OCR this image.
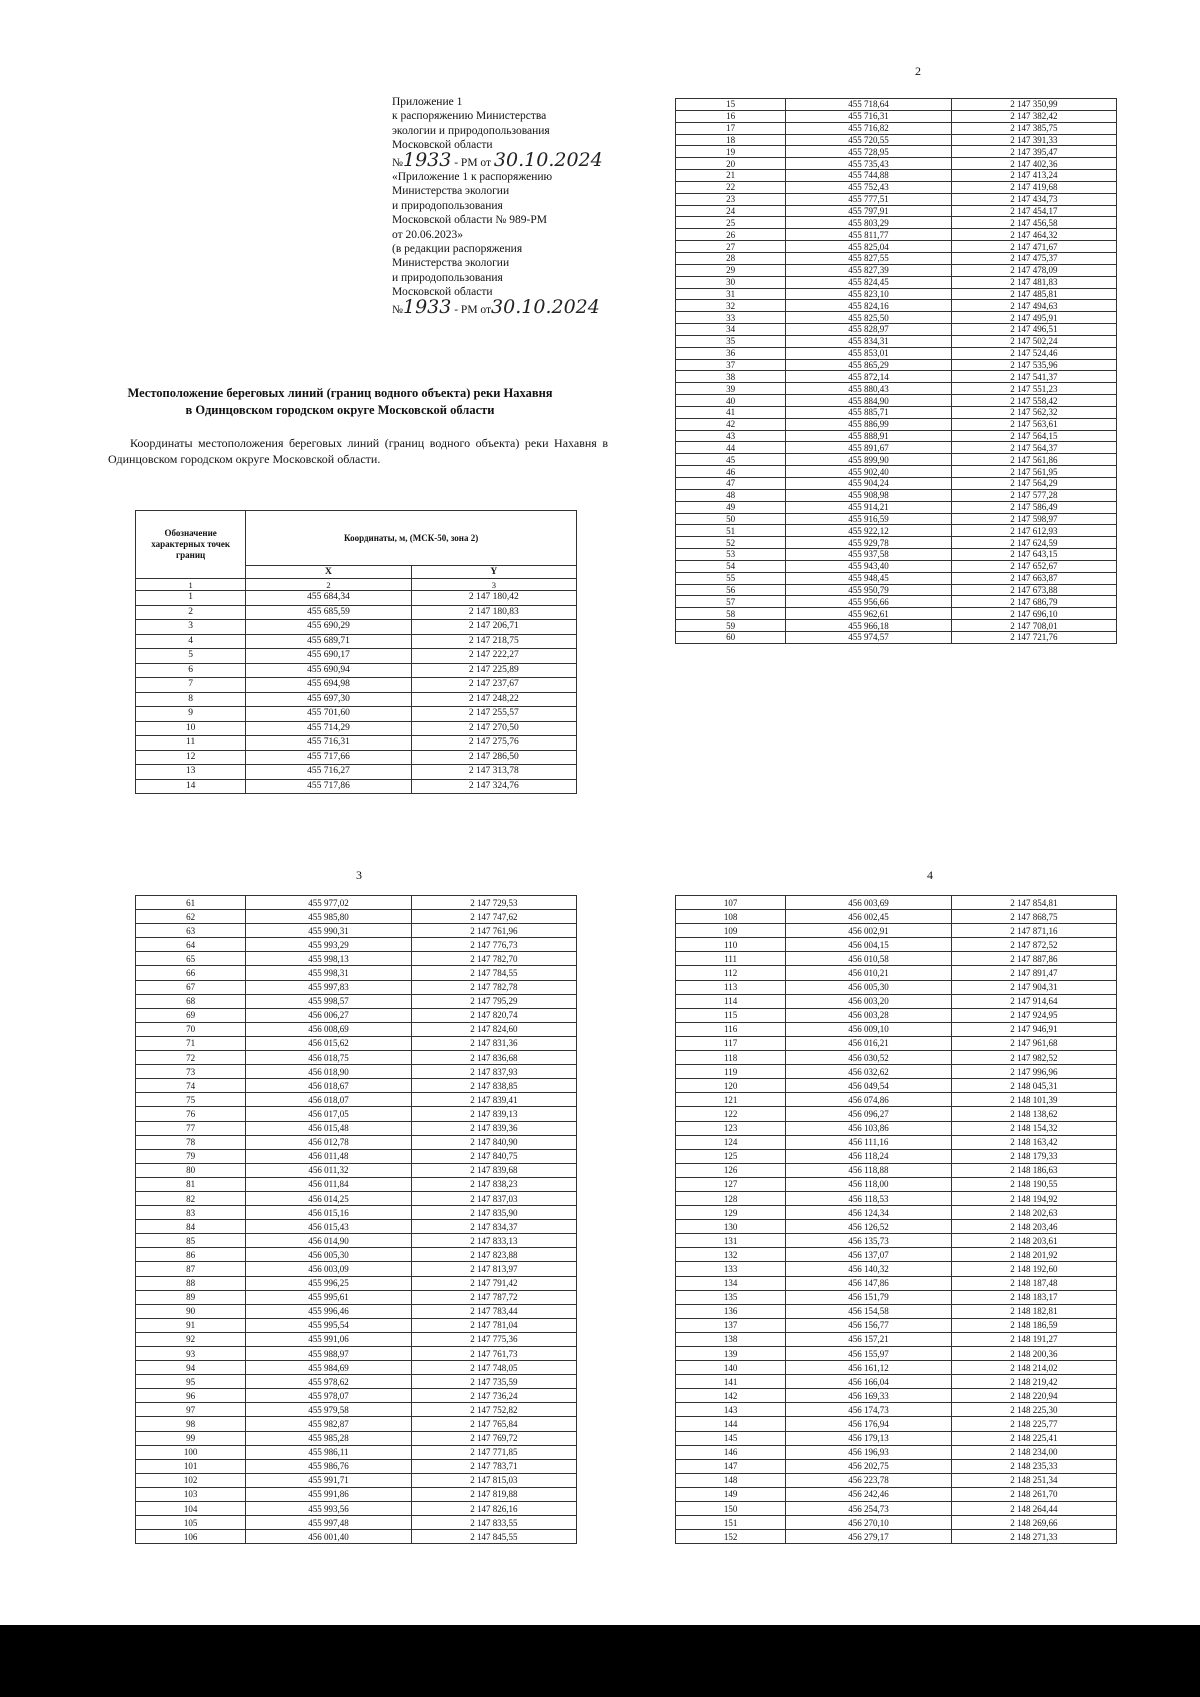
Приложение 1
к распоряжению Министерства
экологии и природопользования
Московской области
№1933 - РМ от 30.10.2024
«Приложение 1 к распоряжению
Министерства экологии
и природопользования
Московской области № 989-РМ
от 20.06.2023»
(в редакции распоряжения
Министерства экологии
и природопользования
Московской области
№1933 - РМ от30.10.2024
Местоположение береговых линий (границ водного объекта) реки Нахавня
в Одинцовском городском округе Московской области
Координаты местоположения береговых линий (границ водного объекта) реки Нахавня в Одинцовском городском округе Московской области.
Обозначение характерных точек границ	Координаты, м, (МСК-50, зона 2)	
	X	Y
1	2	3
1	455 684,34	2 147 180,42
2	455 685,59	2 147 180,83
3	455 690,29	2 147 206,71
4	455 689,71	2 147 218,75
5	455 690,17	2 147 222,27
6	455 690,94	2 147 225,89
7	455 694,98	2 147 237,67
8	455 697,30	2 147 248,22
9	455 701,60	2 147 255,57
10	455 714,29	2 147 270,50
11	455 716,31	2 147 275,76
12	455 717,66	2 147 286,50
13	455 716,27	2 147 313,78
14	455 717,86	2 147 324,76
2
15	455 718,64	2 147 350,99
16	455 716,31	2 147 382,42
17	455 716,82	2 147 385,75
18	455 720,55	2 147 391,33
19	455 728,95	2 147 395,47
20	455 735,43	2 147 402,36
21	455 744,88	2 147 413,24
22	455 752,43	2 147 419,68
23	455 777,51	2 147 434,73
24	455 797,91	2 147 454,17
25	455 803,29	2 147 456,58
26	455 811,77	2 147 464,32
27	455 825,04	2 147 471,67
28	455 827,55	2 147 475,37
29	455 827,39	2 147 478,09
30	455 824,45	2 147 481,83
31	455 823,10	2 147 485,81
32	455 824,16	2 147 494,63
33	455 825,50	2 147 495,91
34	455 828,97	2 147 496,51
35	455 834,31	2 147 502,24
36	455 853,01	2 147 524,46
37	455 865,29	2 147 535,96
38	455 872,14	2 147 541,37
39	455 880,43	2 147 551,23
40	455 884,90	2 147 558,42
41	455 885,71	2 147 562,32
42	455 886,99	2 147 563,61
43	455 888,91	2 147 564,15
44	455 891,67	2 147 564,37
45	455 899,90	2 147 561,86
46	455 902,40	2 147 561,95
47	455 904,24	2 147 564,29
48	455 908,98	2 147 577,28
49	455 914,21	2 147 586,49
50	455 916,59	2 147 598,97
51	455 922,12	2 147 612,93
52	455 929,78	2 147 624,59
53	455 937,58	2 147 643,15
54	455 943,40	2 147 652,67
55	455 948,45	2 147 663,87
56	455 950,79	2 147 673,88
57	455 956,66	2 147 686,79
58	455 962,61	2 147 696,10
59	455 966,18	2 147 708,01
60	455 974,57	2 147 721,76
3
61	455 977,02	2 147 729,53
62	455 985,80	2 147 747,62
63	455 990,31	2 147 761,96
64	455 993,29	2 147 776,73
65	455 998,13	2 147 782,70
66	455 998,31	2 147 784,55
67	455 997,83	2 147 782,78
68	455 998,57	2 147 795,29
69	456 006,27	2 147 820,74
70	456 008,69	2 147 824,60
71	456 015,62	2 147 831,36
72	456 018,75	2 147 836,68
73	456 018,90	2 147 837,93
74	456 018,67	2 147 838,85
75	456 018,07	2 147 839,41
76	456 017,05	2 147 839,13
77	456 015,48	2 147 839,36
78	456 012,78	2 147 840,90
79	456 011,48	2 147 840,75
80	456 011,32	2 147 839,68
81	456 011,84	2 147 838,23
82	456 014,25	2 147 837,03
83	456 015,16	2 147 835,90
84	456 015,43	2 147 834,37
85	456 014,90	2 147 833,13
86	456 005,30	2 147 823,88
87	456 003,09	2 147 813,97
88	455 996,25	2 147 791,42
89	455 995,61	2 147 787,72
90	455 996,46	2 147 783,44
91	455 995,54	2 147 781,04
92	455 991,06	2 147 775,36
93	455 988,97	2 147 761,73
94	455 984,69	2 147 748,05
95	455 978,62	2 147 735,59
96	455 978,07	2 147 736,24
97	455 979,58	2 147 752,82
98	455 982,87	2 147 765,84
99	455 985,28	2 147 769,72
100	455 986,11	2 147 771,85
101	455 986,76	2 147 783,71
102	455 991,71	2 147 815,03
103	455 991,86	2 147 819,88
104	455 993,56	2 147 826,16
105	455 997,48	2 147 833,55
106	456 001,40	2 147 845,55
4
107	456 003,69	2 147 854,81
108	456 002,45	2 147 868,75
109	456 002,91	2 147 871,16
110	456 004,15	2 147 872,52
111	456 010,58	2 147 887,86
112	456 010,21	2 147 891,47
113	456 005,30	2 147 904,31
114	456 003,20	2 147 914,64
115	456 003,28	2 147 924,95
116	456 009,10	2 147 946,91
117	456 016,21	2 147 961,68
118	456 030,52	2 147 982,52
119	456 032,62	2 147 996,96
120	456 049,54	2 148 045,31
121	456 074,86	2 148 101,39
122	456 096,27	2 148 138,62
123	456 103,86	2 148 154,32
124	456 111,16	2 148 163,42
125	456 118,24	2 148 179,33
126	456 118,88	2 148 186,63
127	456 118,00	2 148 190,55
128	456 118,53	2 148 194,92
129	456 124,34	2 148 202,63
130	456 126,52	2 148 203,46
131	456 135,73	2 148 203,61
132	456 137,07	2 148 201,92
133	456 140,32	2 148 192,60
134	456 147,86	2 148 187,48
135	456 151,79	2 148 183,17
136	456 154,58	2 148 182,81
137	456 156,77	2 148 186,59
138	456 157,21	2 148 191,27
139	456 155,97	2 148 200,36
140	456 161,12	2 148 214,02
141	456 166,04	2 148 219,42
142	456 169,33	2 148 220,94
143	456 174,73	2 148 225,30
144	456 176,94	2 148 225,77
145	456 179,13	2 148 225,41
146	456 196,93	2 148 234,00
147	456 202,75	2 148 235,33
148	456 223,78	2 148 251,34
149	456 242,46	2 148 261,70
150	456 254,73	2 148 264,44
151	456 270,10	2 148 269,66
152	456 279,17	2 148 271,33
